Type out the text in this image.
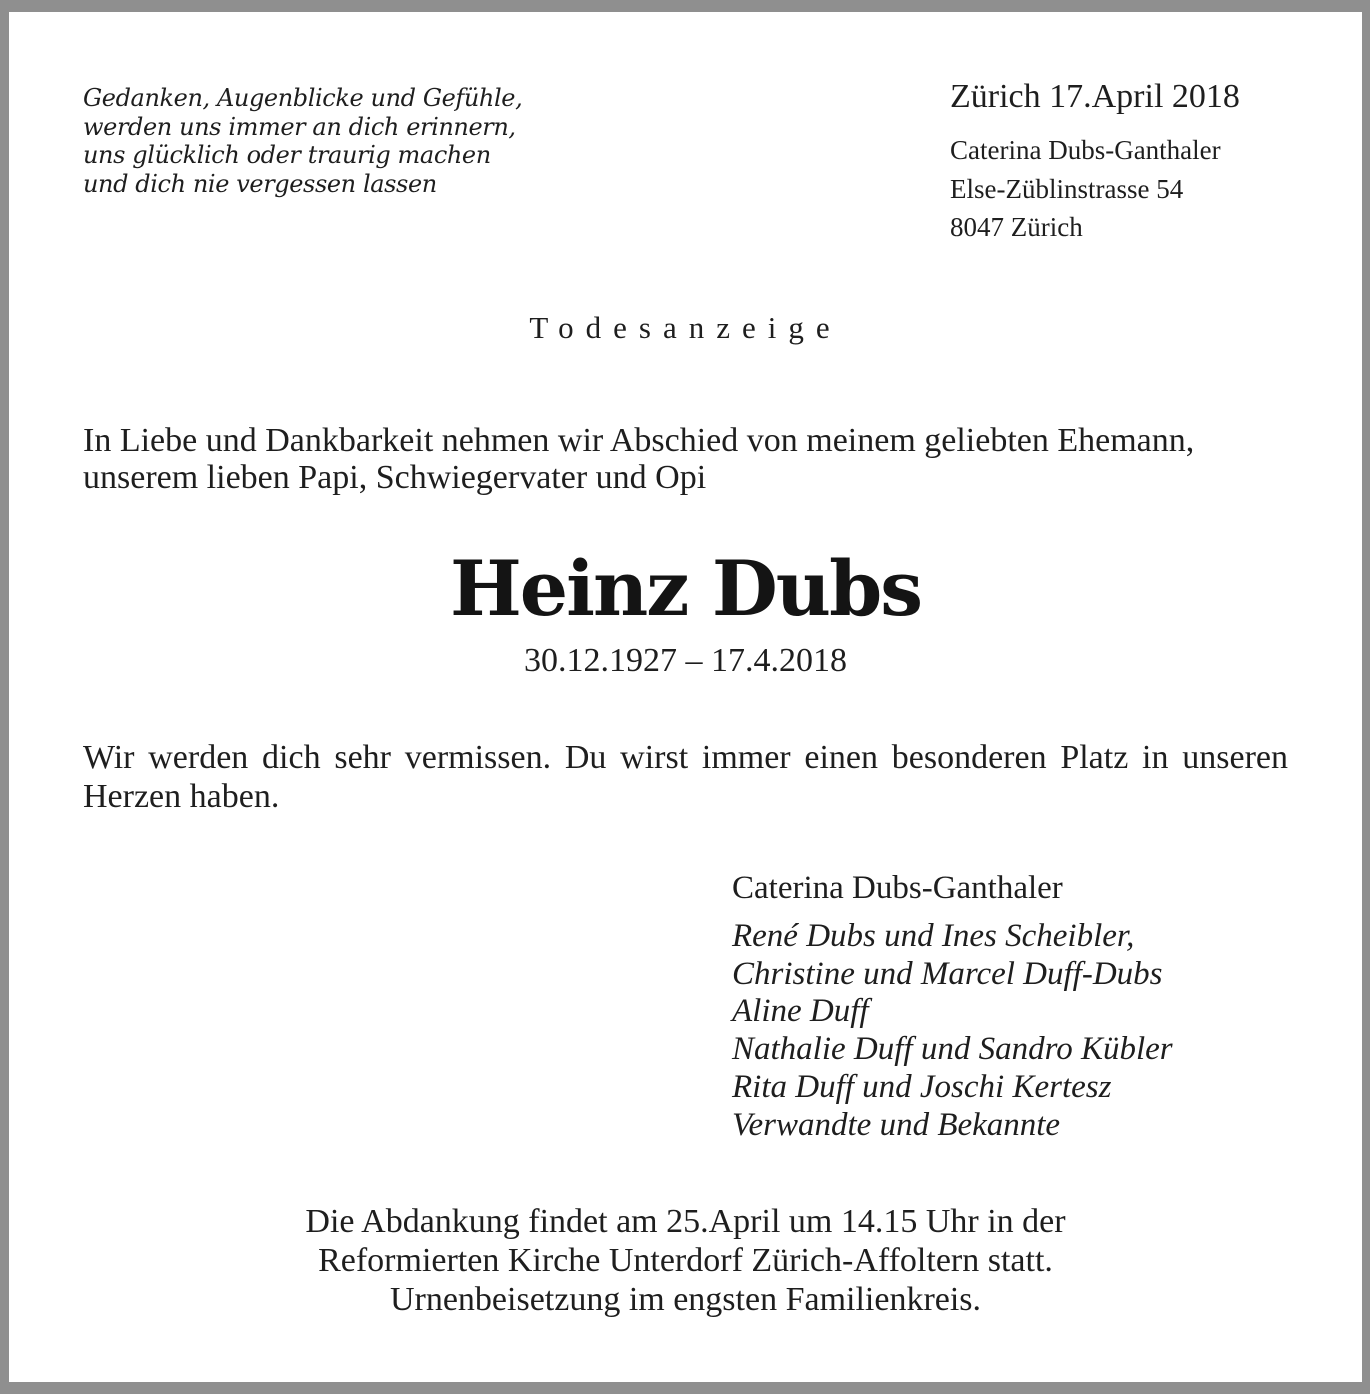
Gedanken, Augenblicke und Gefühle,
werden uns immer an dich erinnern,
uns glücklich oder traurig machen
und dich nie vergessen lassen
Zürich 17.April 2018
Caterina Dubs-Ganthaler
Else-Züblinstrasse 54
8047 Zürich
Todesanzeige

In Liebe und Dankbarkeit nehmen wir Abschied von meinem geliebten Ehemann, unserem lieben Papi, Schwiegervater und Opi

Heinz Dubs
30.12.1927 – 17.4.2018

Wir werden dich sehr vermissen. Du wirst immer einen besonderen Platz in unseren Herzen haben.

Caterina Dubs-Ganthaler
René Dubs und Ines Scheibler,
Christine und Marcel Duff-Dubs
Aline Duff
Nathalie Duff und Sandro Kübler
Rita Duff und Joschi Kertesz
Verwandte und Bekannte
Die Abdankung findet am 25.April um 14.15 Uhr in der
Reformierten Kirche Unterdorf Zürich-Affoltern statt.
Urnenbeisetzung im engsten Familienkreis.
